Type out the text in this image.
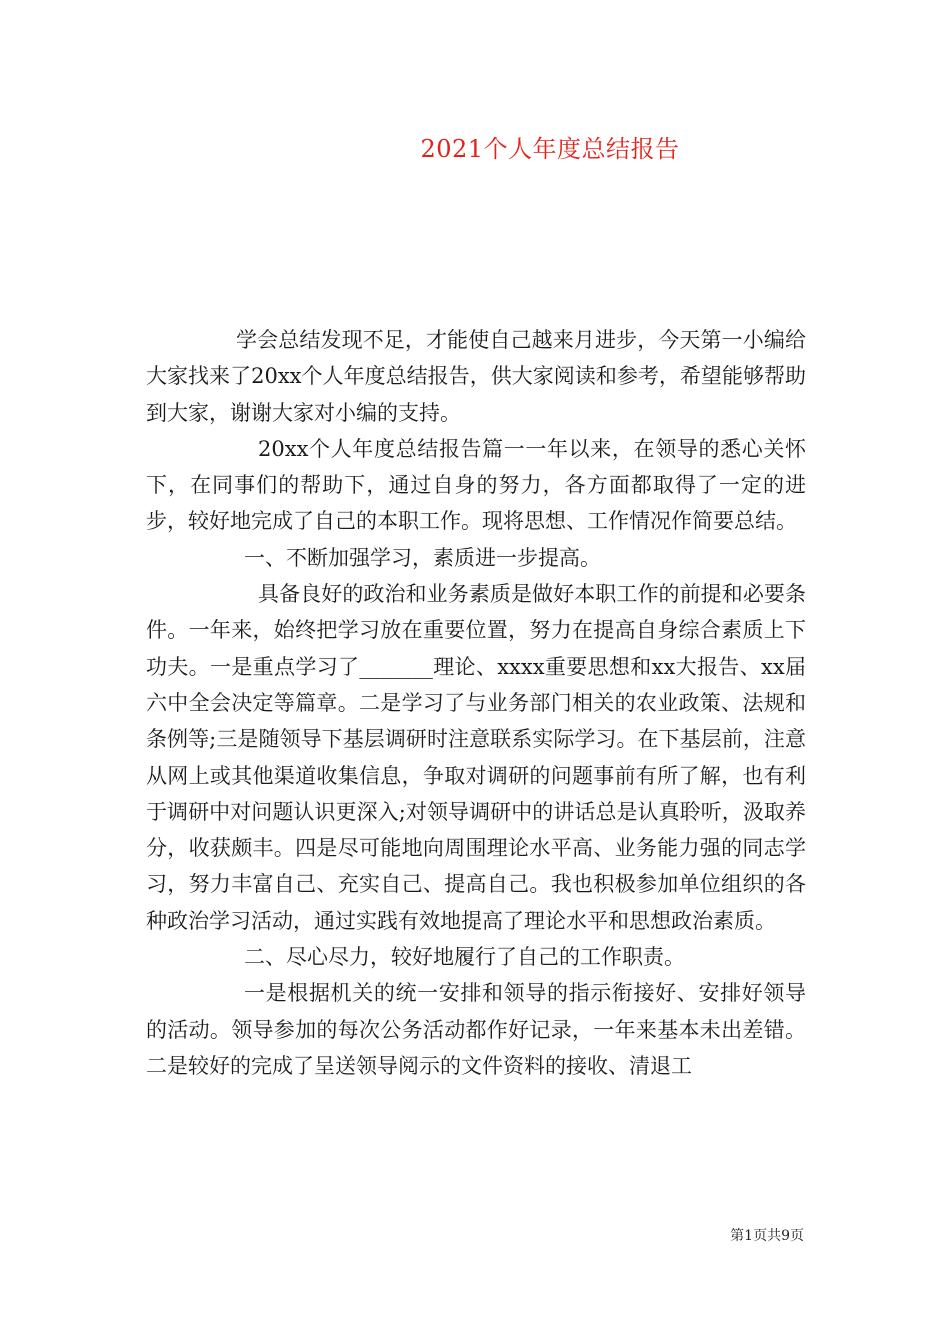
2021个人年度总结报告

学会总结发现不足，才能使自己越来月进步，今天第一小编给大家找来了20xx个人年度总结报告，供大家阅读和参考，希望能够帮助到大家，谢谢大家对小编的支持。

20xx个人年度总结报告篇一一年以来，在领导的悉心关怀下，在同事们的帮助下，通过自身的努力，各方面都取得了一定的进步，较好地完成了自己的本职工作。现将思想、工作情况作简要总结。

一、不断加强学习，素质进一步提高。

具备良好的政治和业务素质是做好本职工作的前提和必要条件。一年来，始终把学习放在重要位置，努力在提高自身综合素质上下功夫。一是重点学习了_______理论、xxxx重要思想和xx大报告、xx届六中全会决定等篇章。二是学习了与业务部门相关的农业政策、法规和条例等;三是随领导下基层调研时注意联系实际学习。在下基层前，注意从网上或其他渠道收集信息，争取对调研的问题事前有所了解，也有利于调研中对问题认识更深入;对领导调研中的讲话总是认真聆听，汲取养分，收获颇丰。四是尽可能地向周围理论水平高、业务能力强的同志学习，努力丰富自己、充实自己、提高自己。我也积极参加单位组织的各种政治学习活动，通过实践有效地提高了理论水平和思想政治素质。

二、尽心尽力，较好地履行了自己的工作职责。

一是根据机关的统一安排和领导的指示衔接好、安排好领导的活动。领导参加的每次公务活动都作好记录，一年来基本未出差错。二是较好的完成了呈送领导阅示的文件资料的接收、清退工

第1页共9页
